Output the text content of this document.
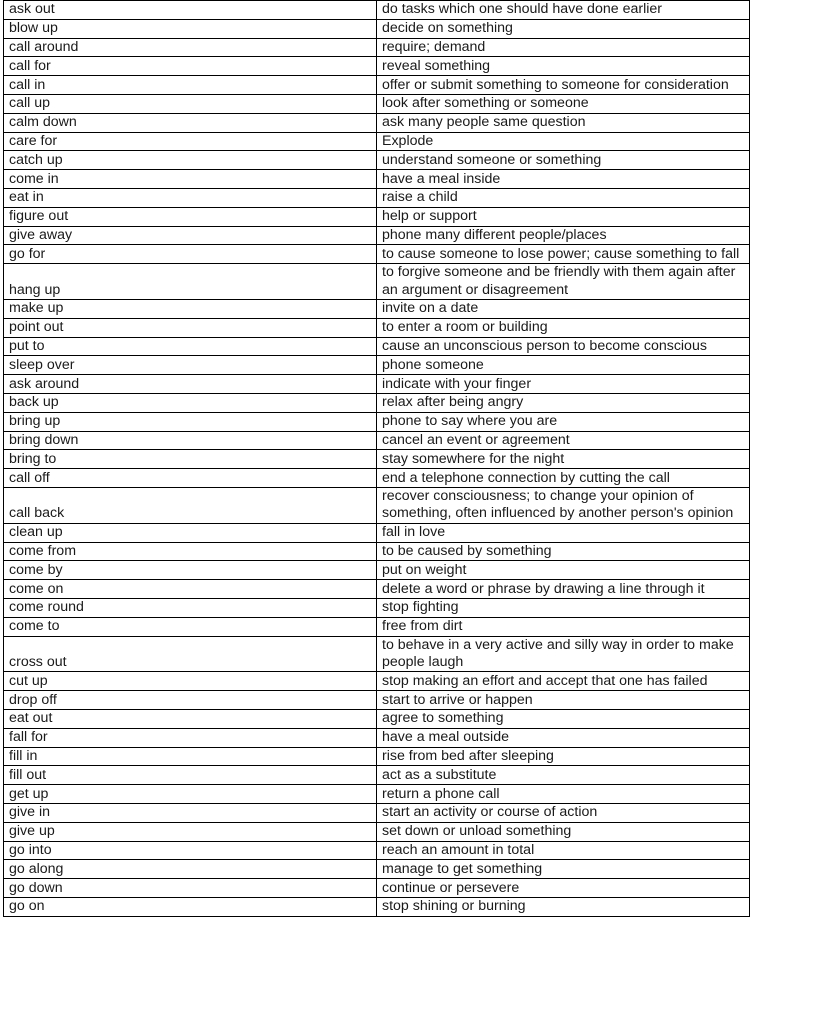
ask out	do tasks which one should have done earlier
blow up	decide on something
call around	require; demand
call for	reveal something
call in	offer or submit something to someone for consideration
call up	look after something or someone
calm down	ask many people same question
care for	Explode
catch up	understand someone or something
come in	have a meal inside
eat in	raise a child
figure out	help or support
give away	phone many different people/places
go for	to cause someone to lose power; cause something to fall
hang up	to forgive someone and be friendly with them again after an argument or disagreement
make up	invite on a date
point out	to enter a room or building
put to	cause an unconscious person to become conscious
sleep over	phone someone
ask around	indicate with your finger
back up	relax after being angry
bring up	phone to say where you are
bring down	cancel an event or agreement
bring to	stay somewhere for the night
call off	end a telephone connection by cutting the call
call back	recover consciousness; to change your opinion of something, often influenced by another person's opinion
clean up	fall in love
come from	to be caused by something
come by	put on weight
come on	delete a word or phrase by drawing a line through it
come round	stop fighting
come to	free from dirt
cross out	to behave in a very active and silly way in order to make people laugh
cut up	stop making an effort and accept that one has failed
drop off	start to arrive or happen
eat out	agree to something
fall for	have a meal outside
fill in	rise from bed after sleeping
fill out	act as a substitute
get up	return a phone call
give in	start an activity or course of action
give up	set down or unload something
go into	reach an amount in total
go along	manage to get something
go down	continue or persevere
go on	stop shining or burning
